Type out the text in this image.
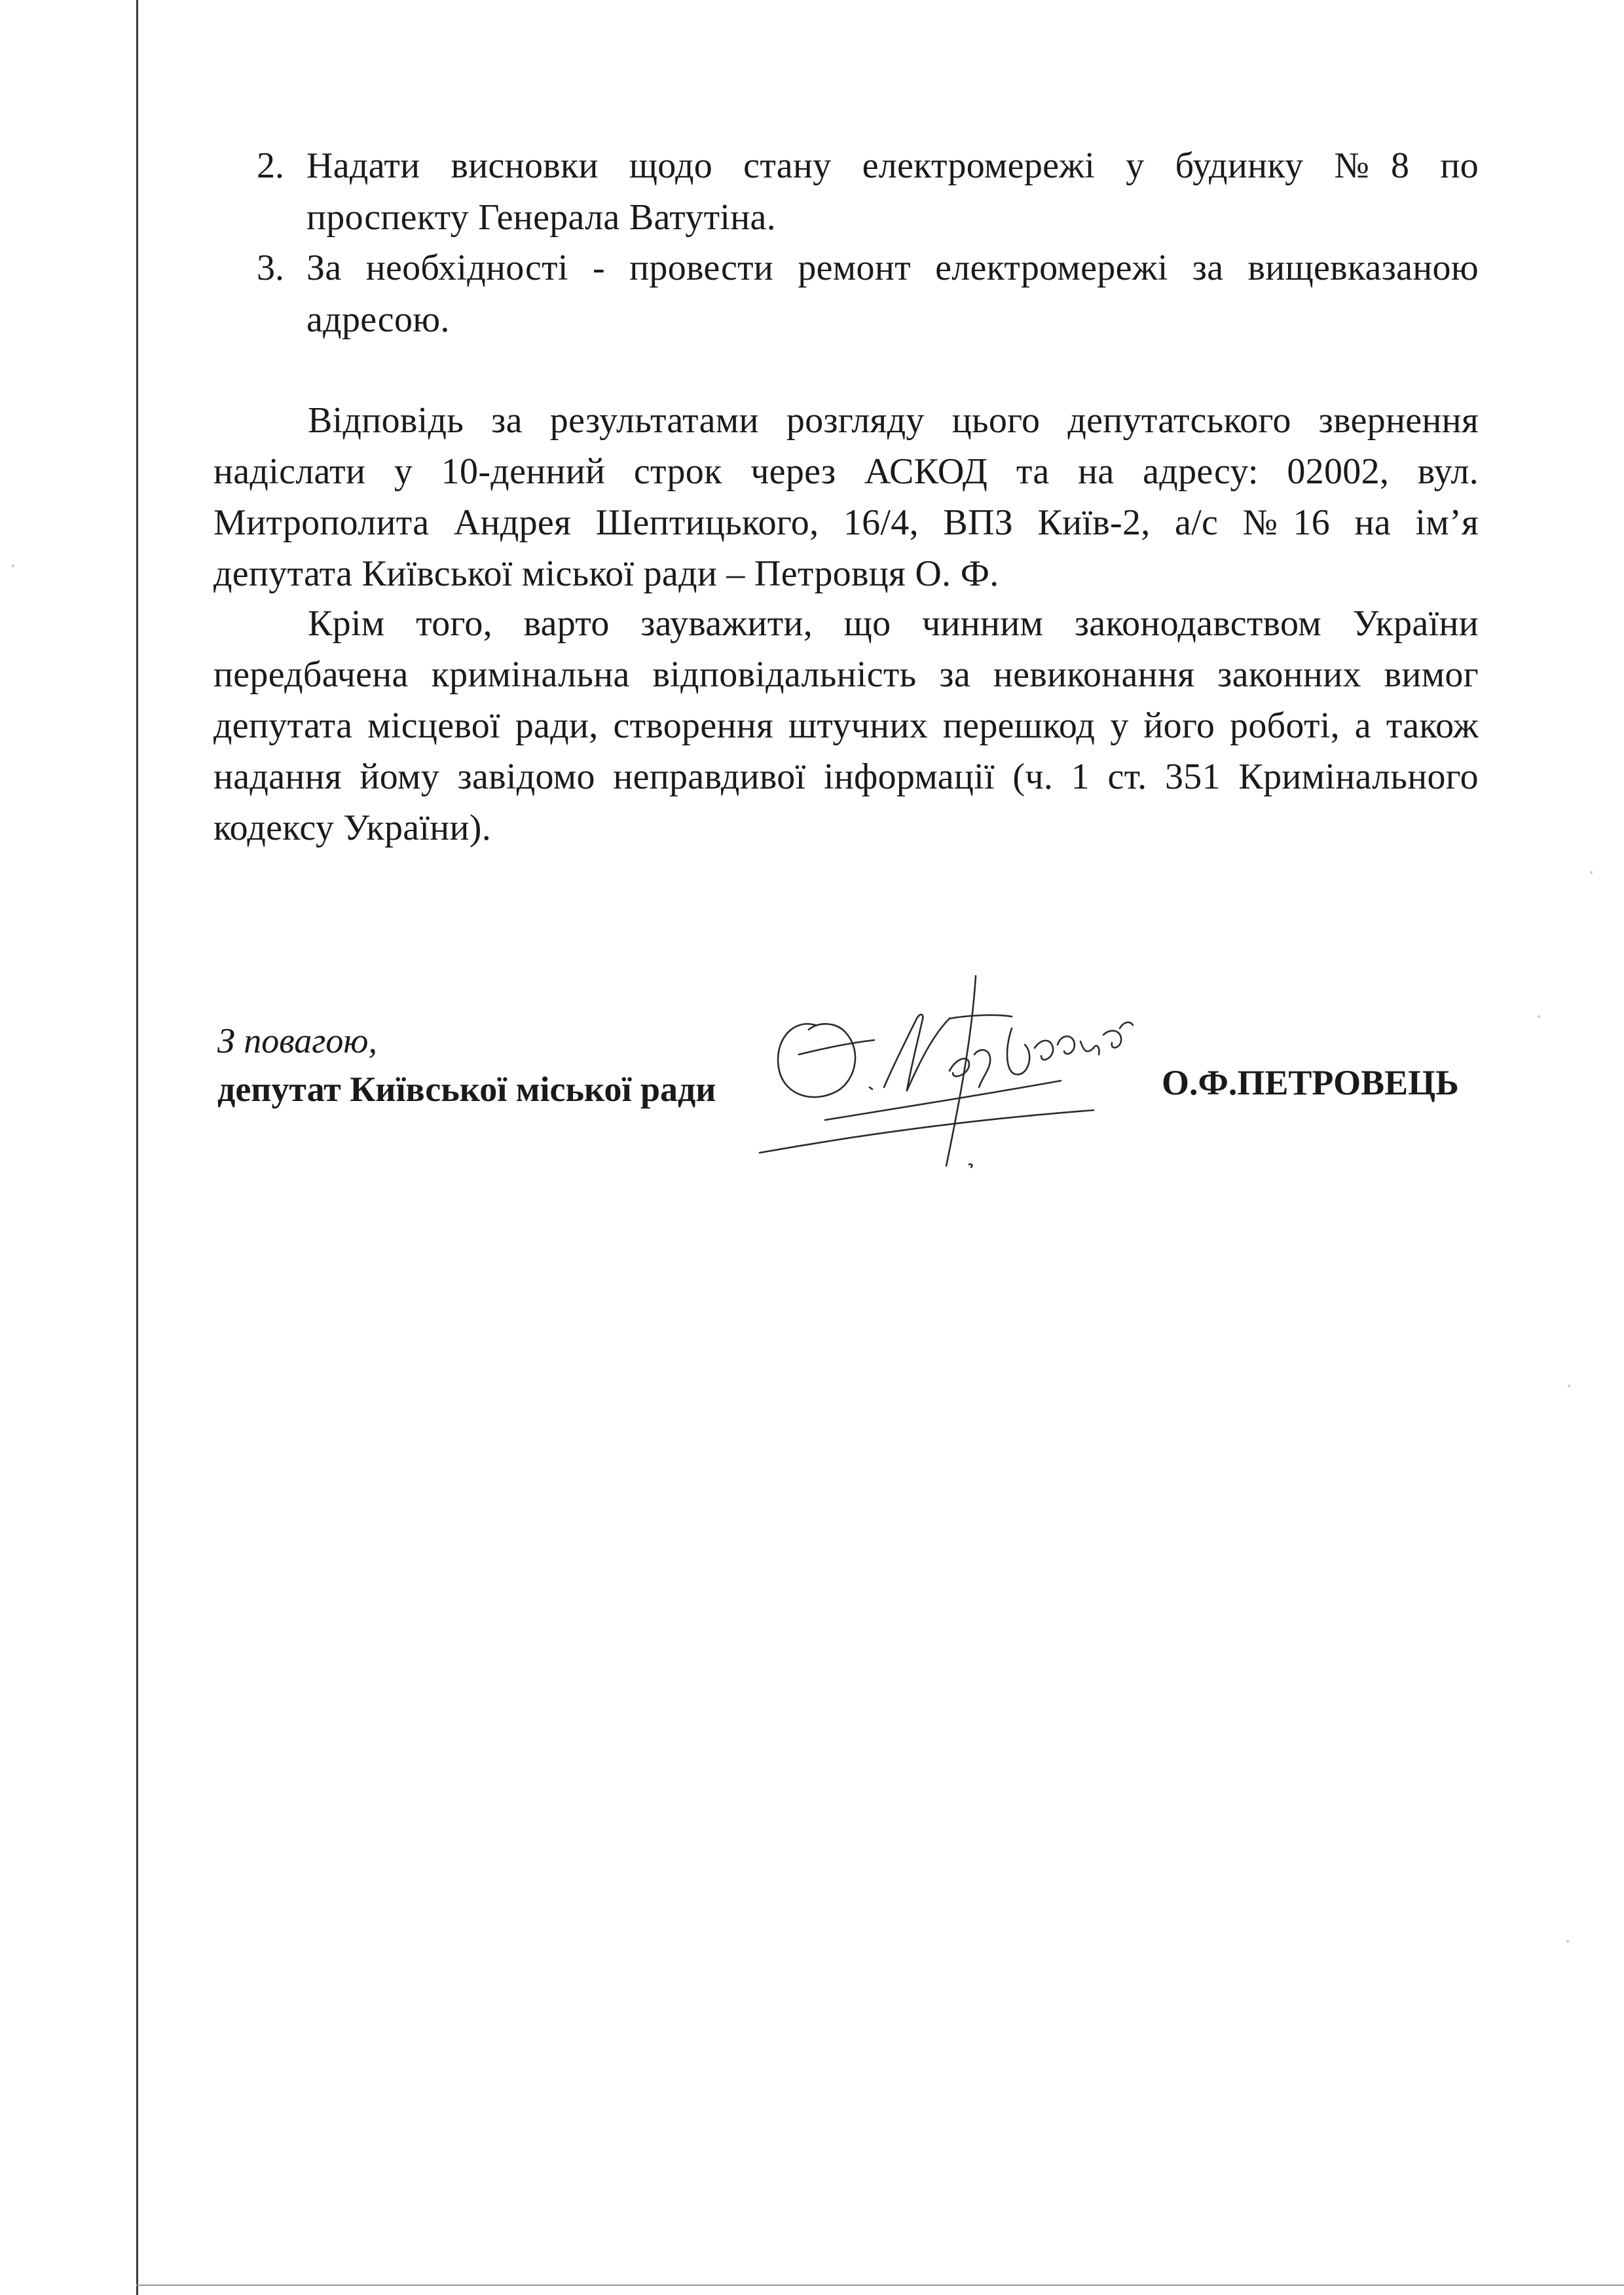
2. Надати висновки щодо стану електромережі у будинку №8 по
проспекту Генерала Ватутіна.
3. За необхідності - провести ремонт електромережі за вищевказаною
адресою.
Відповідь за результатами розгляду цього депутатського звернення
надіслати у 10-денний строк через АСКОД та на адресу: 02002, вул.
Митрополита Андрея Шептицького, 16/4, ВПЗ Київ-2, а/с №16 на ім’я
депутата Київської міської ради – Петровця О. Ф.
Крім того, варто зауважити, що чинним законодавством України
передбачена кримінальна відповідальність за невиконання законних вимог
депутата місцевої ради, створення штучних перешкод у його роботі, а також
надання йому завідомо неправдивої інформації (ч. 1 ст. 351 Кримінального
кодексу України).
З повагою,
депутат Київської міської ради	О.Ф.ПЕТРОВЕЦЬ
